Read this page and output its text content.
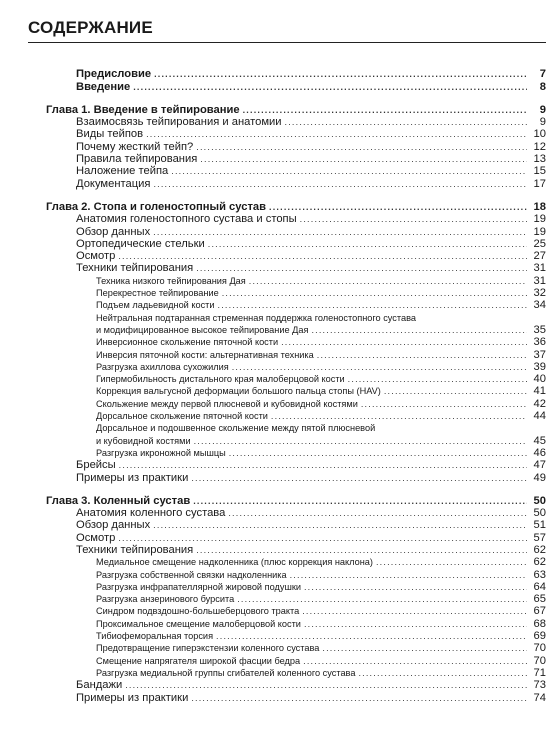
СОДЕРЖАНИЕ
Предисловие .....	7
Введение .....	8
Глава 1. Введение в тейпирование .....	9
Взаимосвязь тейпирования и анатомии .....	9
Виды тейпов .....	10
Почему жесткий тейп? .....	12
Правила тейпирования .....	13
Наложение тейпа .....	15
Документация .....	17
Глава 2. Стопа и голеностопный сустав .....	18
Анатомия голеностопного сустава и стопы .....	19
Обзор данных .....	19
Ортопедические стельки .....	25
Осмотр .....	27
Техники тейпирования .....	31
Техника низкого тейпирования Дая .....	31
Перекрестное тейпирование .....	32
Подъем ладьевидной кости .....	34
Нейтральная подтаранная стременная поддержка голеностопного сустава
и модифицированное высокое тейпирование Дая .....	35
Инверсионное скольжение пяточной кости .....	36
Инверсия пяточной кости: альтернативная техника .....	37
Разгрузка ахиллова сухожилия .....	39
Гипермобильность дистального края малоберцовой кости .....	40
Коррекция вальгусной деформации большого пальца стопы (HAV) .....	41
Скольжение между первой плюсневой и кубовидной костями .....	42
Дорсальное скольжение пяточной кости .....	44
Дорсальное и подошвенное скольжение между пятой плюсневой
и кубовидной костями .....	45
Разгрузка икроножной мышцы .....	46
Брейсы .....	47
Примеры из практики .....	49
Глава 3. Коленный сустав .....	50
Анатомия коленного сустава .....	50
Обзор данных .....	51
Осмотр .....	57
Техники тейпирования .....	62
Медиальное смещение надколенника (плюс коррекция наклона) .....	62
Разгрузка собственной связки надколенника .....	63
Разгрузка инфрапателлярной жировой подушки .....	64
Разгрузка анзеринового бурсита .....	65
Синдром подвздошно-большеберцового тракта .....	67
Проксимальное смещение малоберцовой кости .....	68
Тибиофеморальная торсия .....	69
Предотвращение гиперэкстензии коленного сустава .....	70
Смещение напрягателя широкой фасции бедра .....	70
Разгрузка медиальной группы сгибателей коленного сустава .....	71
Бандажи .....	73
Примеры из практики .....	74
